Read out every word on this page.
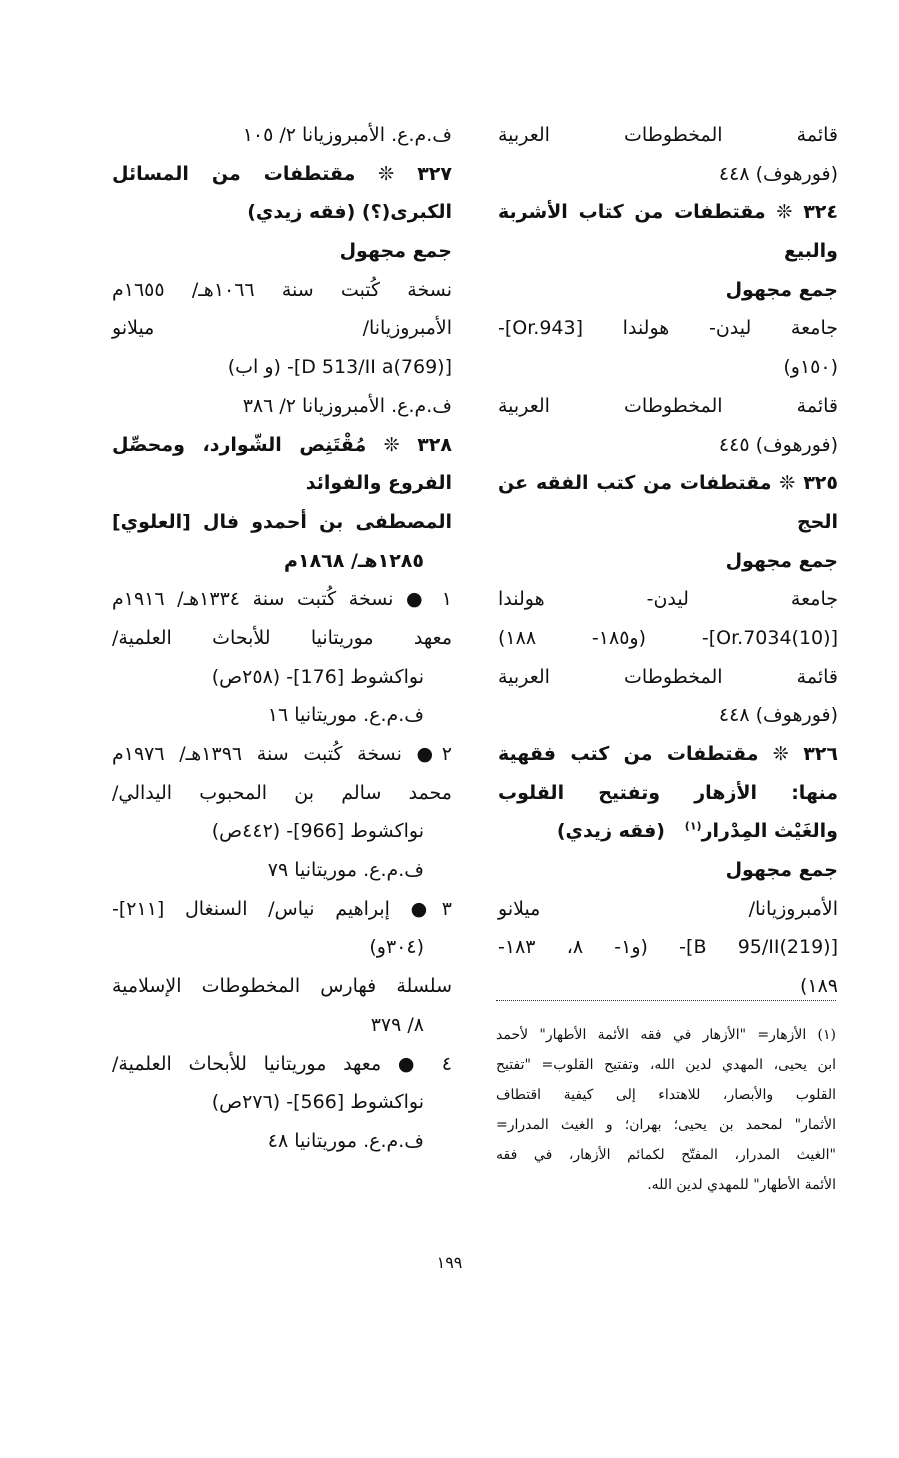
قائمة المخطوطات العربية
(فورهوف) ٤٤٨
٣٢٤ ❊ مقتطفات من كتاب الأشربة
والبيع
جمع مجهول
جامعة ليدن- هولندا [Or.943]-
(١٥٠و)
قائمة المخطوطات العربية
(فورهوف) ٤٤٥
٣٢٥ ❊ مقتطفات من كتب الفقه عن
الحج
جمع مجهول
جامعة ليدن- هولندا
[Or.7034(10)]- (و١٨٥- ١٨٨)
قائمة المخطوطات العربية
(فورهوف) ٤٤٨
٣٢٦ ❊ مقتطفات من كتب فقهية
منها: الأزهار وتفتيح القلوب
والغَيْث المِدْرار$^{(١)}$   (فقه زيدي)
جمع مجهول
الأمبروزيانا/ ميلانو
[(219)B 95/II]- (و١- ٨، ١٨٣-
١٨٩)
ف.م.ع. الأمبروزيانا ٢/ ١٠٥
٣٢٧ ❊ مقتطفات من المسائل
الكبرى(؟) (فقه زيدي)
جمع مجهول
نسخة كُتبت سنة ١٠٦٦هـ/ ١٦٥٥م
الأمبروزيانا/ ميلانو
[(769)D 513/II a]- (و اب)
ف.م.ع. الأمبروزيانا ٢/ ٣٨٦
٣٢٨ ❊ مُقْتَنِص الشّوارد، ومحصِّل
الفروع والفوائد
المصطفى بن أحمدو فال [العلوي]
١٢٨٥هـ/ ١٨٦٨م
١ ● نسخة كُتبت سنة ١٣٣٤هـ/ ١٩١٦م
معهد موريتانيا للأبحاث العلمية/
نواكشوط [176]- (٢٥٨ص)
ف.م.ع. موريتانيا ١٦
٢● نسخة كُتبت سنة ١٣٩٦هـ/ ١٩٧٦م
محمد سالم بن المحبوب اليدالي/
نواكشوط [966]- (٤٤٢ص)
ف.م.ع. موريتانيا ٧٩
٣● إبراهيم نياس/ السنغال [٢١١]-
(٣٠٤و)
سلسلة فهارس المخطوطات الإسلامية
٨/ ٣٧٩
٤ ● معهد موريتانيا للأبحاث العلمية/
نواكشوط [566]- (٢٧٦ص)
ف.م.ع. موريتانيا ٤٨
(١) الأزهار= "الأزهار في فقه الأئمة الأطهار" لأحمد
ابن يحيى، المهدي لدين الله، وتفتيح القلوب= "تفتيح
القلوب والأبصار، للاهتداء إلى كيفية اقتطاف
الأثمار" لمحمد بن يحيى؛ بهران؛ و الغيث المدرار=
"الغيث المدرار، المفتّح لكمائم الأزهار، في فقه
الأئمة الأطهار" للمهدي لدين الله.
١٩٩
